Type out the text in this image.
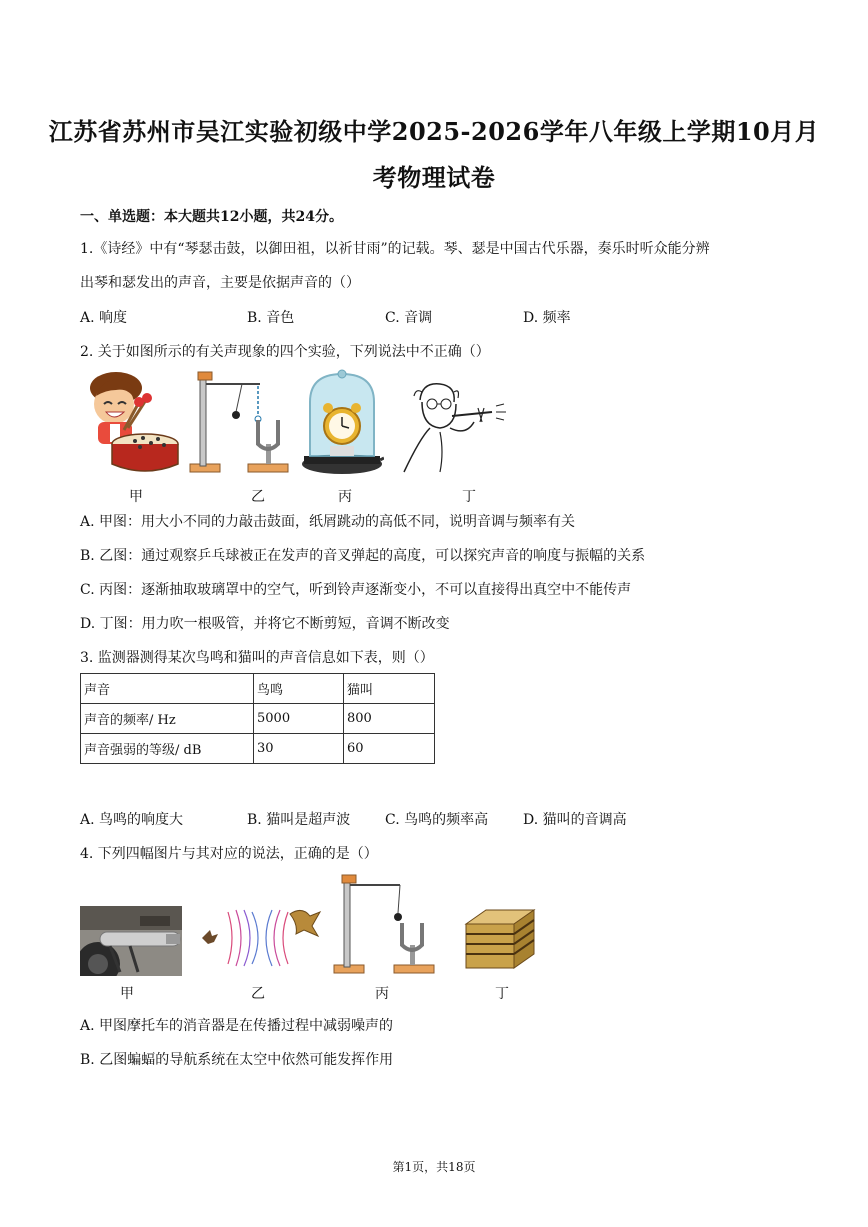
江苏省苏州市吴江实验初级中学2025-2026学年八年级上学期10月月
考物理试卷
一、单选题：本大题共12小题，共24分。
1.《诗经》中有“琴瑟击鼓，以御田祖，以祈甘雨”的记载。琴、瑟是中国古代乐器，奏乐时听众能分辨
出琴和瑟发出的声音，主要是依据声音的（）
A. 响度	B. 音色	C. 音调	D. 频率
2. 关于如图所示的有关声现象的四个实验，下列说法中不正确（）
甲	乙	丙	丁
A. 甲图：用大小不同的力敲击鼓面，纸屑跳动的高低不同，说明音调与频率有关
B. 乙图：通过观察乒乓球被正在发声的音叉弹起的高度，可以探究声音的响度与振幅的关系
C. 丙图：逐渐抽取玻璃罩中的空气，听到铃声逐渐变小，不可以直接得出真空中不能传声
D. 丁图：用力吹一根吸管，并将它不断剪短，音调不断改变
3. 监测器测得某次鸟鸣和猫叫的声音信息如下表，则（）
声音	鸟鸣	猫叫
声音的频率/ Hz	5000	800
声音强弱的等级/ dB	30	60
A. 鸟鸣的响度大	B. 猫叫是超声波 C. 鸟鸣的频率高 D. 猫叫的音调高
4. 下列四幅图片与其对应的说法，正确的是（）
甲	乙	丙	丁
A. 甲图摩托车的消音器是在传播过程中减弱噪声的
B. 乙图蝙蝠的导航系统在太空中依然可能发挥作用
第1页，共18页
